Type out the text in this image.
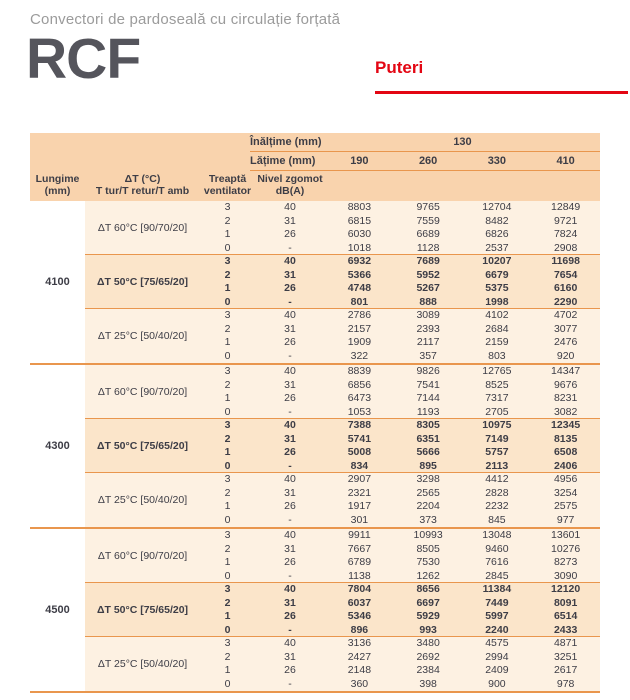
Convectori de pardoseală cu circulație forțată
RCF	Puteri
Înălțime (mm)	130
Lățime (mm)	190	260	330	410
Lungime
(mm)
ΔT (°C)
T tur/T retur/T amb
Treaptă
ventilator
Nivel zgomot
dB(A)
4100
ΔT 60°C [90/70/20]
3	40	8803	9765	12704	12849
2	31	6815	7559	8482	9721
1	26	6030	6689	6826	7824
0	-	1018	1128	2537	2908
ΔT 50°C [75/65/20]
3	40	6932	7689	10207	11698
2	31	5366	5952	6679	7654
1	26	4748	5267	5375	6160
0	-	801	888	1998	2290
ΔT 25°C [50/40/20]
3	40	2786	3089	4102	4702
2	31	2157	2393	2684	3077
1	26	1909	2117	2159	2476
0	-	322	357	803	920
4300
ΔT 60°C [90/70/20]
3	40	8839	9826	12765	14347
2	31	6856	7541	8525	9676
1	26	6473	7144	7317	8231
0	-	1053	1193	2705	3082
ΔT 50°C [75/65/20]
3	40	7388	8305	10975	12345
2	31	5741	6351	7149	8135
1	26	5008	5666	5757	6508
0	-	834	895	2113	2406
ΔT 25°C [50/40/20]
3	40	2907	3298	4412	4956
2	31	2321	2565	2828	3254
1	26	1917	2204	2232	2575
0	-	301	373	845	977
4500
ΔT 60°C [90/70/20]
3	40	9911	10993	13048	13601
2	31	7667	8505	9460	10276
1	26	6789	7530	7616	8273
0	-	1138	1262	2845	3090
ΔT 50°C [75/65/20]
3	40	7804	8656	11384	12120
2	31	6037	6697	7449	8091
1	26	5346	5929	5997	6514
0	-	896	993	2240	2433
ΔT 25°C [50/40/20]
3	40	3136	3480	4575	4871
2	31	2427	2692	2994	3251
1	26	2148	2384	2409	2617
0	-	360	398	900	978
